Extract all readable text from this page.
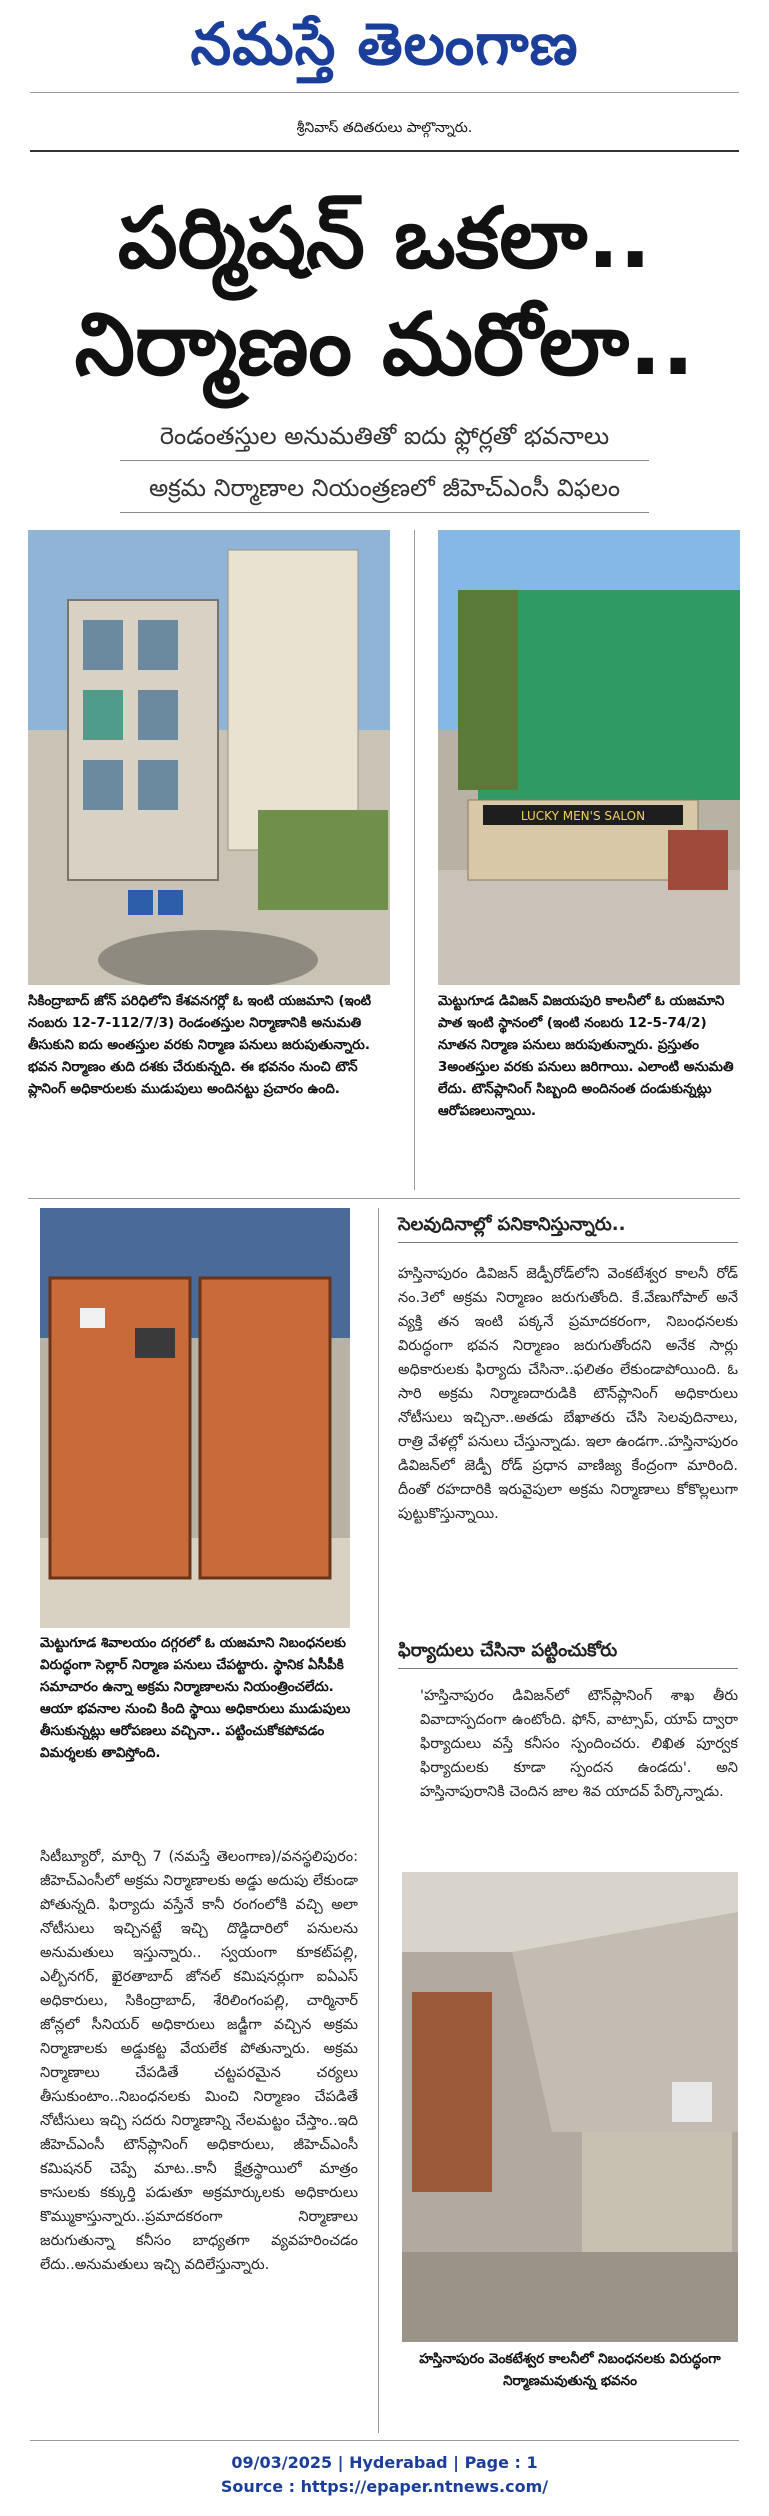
నమస్తే తెలంగాణ
శ్రీనివాస్ తదితరులు పాల్గొన్నారు.
పర్మిషన్ ఒకలా..
నిర్మాణం మరోలా..
రెండంతస్తుల అనుమతితో ఐదు ఫ్లోర్లతో భవనాలు
అక్రమ నిర్మాణాల నియంత్రణలో జీహెచ్ఎంసీ విఫలం
LUCKY MEN'S SALON
సికింద్రాబాద్ జోన్ పరిధిలోని కేశవనగర్లో ఓ ఇంటి యజమాని (ఇంటి నంబరు 12-7-112/7/3) రెండంతస్తుల నిర్మాణానికి అనుమతి తీసుకుని ఐదు అంతస్తుల వరకు నిర్మాణ పనులు జరుపుతున్నారు. భవన నిర్మాణం తుది దశకు చేరుకున్నది. ఈ భవనం నుంచి టౌన్ ప్లానింగ్ అధికారులకు ముడుపులు అందినట్టు ప్రచారం ఉంది.
మెట్టుగూడ డివిజన్ విజయపురి కాలనీలో ఓ యజమాని పాత ఇంటి స్థానంలో (ఇంటి నంబరు 12-5-74/2) నూతన నిర్మాణ పనులు జరుపుతున్నారు. ప్రస్తుతం 3అంతస్తుల వరకు పనులు జరిగాయి. ఎలాంటి అనుమతి లేదు. టౌన్‌ప్లానింగ్ సిబ్బంది అందినంత దండుకున్నట్లు ఆరోపణలున్నాయి.
మెట్టుగూడ శివాలయం దగ్గరలో ఓ యజమాని నిబంధనలకు విరుద్ధంగా సెల్లార్ నిర్మాణ పనులు చేపట్టారు. స్థానిక ఏసీపీకి సమాచారం ఉన్నా అక్రమ నిర్మాణాలను నియంత్రించలేదు. ఆయా భవనాల నుంచి కింది స్థాయి అధికారులు ముడుపులు తీసుకున్నట్లు ఆరోపణలు వచ్చినా.. పట్టించుకోకపోవడం విమర్శలకు తావిస్తోంది.
సెలవుదినాల్లో పనికానిస్తున్నారు..
హస్తినాపురం డివిజన్ జెడ్పీరోడ్‌లోని వెంకటేశ్వర కాలనీ రోడ్ నం.3లో అక్రమ నిర్మాణం జరుగుతోంది. కే.వేణుగోపాల్ అనే వ్యక్తి తన ఇంటి పక్కనే ప్రమాదకరంగా, నిబంధనలకు విరుద్ధంగా భవన నిర్మాణం జరుగుతోందని అనేక సార్లు అధికారులకు ఫిర్యాదు చేసినా..ఫలితం లేకుండాపోయింది. ఓ సారి అక్రమ నిర్మాణదారుడికి టౌన్‌ప్లానింగ్ అధికారులు నోటీసులు ఇచ్చినా..అతడు బేఖాతరు చేసి సెలవుదినాలు, రాత్రి వేళల్లో పనులు చేస్తున్నాడు. ఇలా ఉండగా..హస్తినాపురం డివిజన్‌లో జెడ్పీ రోడ్ ప్రధాన వాణిజ్య కేంద్రంగా మారింది. దీంతో రహదారికి ఇరువైపులా అక్రమ నిర్మాణాలు కోకొల్లలుగా పుట్టుకొస్తున్నాయి.
ఫిర్యాదులు చేసినా పట్టించుకోరు
'హస్తినాపురం డివిజన్‌లో టౌన్‌ప్లానింగ్ శాఖ తీరు వివాదాస్పదంగా ఉంటోంది. ఫోన్, వాట్సాప్, యాప్ ద్వారా ఫిర్యాదులు వస్తే కనీసం స్పందించరు. లిఖిత పూర్వక ఫిర్యాదులకు కూడా స్పందన ఉండదు'. అని హస్తినాపురానికి చెందిన జాల శివ యాదవ్ పేర్కొన్నాడు.
సిటీబ్యూరో, మార్చి 7 (నమస్తే తెలంగాణ)/వనస్థలిపురం: జీహెచ్ఎంసీలో అక్రమ నిర్మాణాలకు అడ్డు అదుపు లేకుండా పోతున్నది. ఫిర్యాదు వస్తేనే కానీ రంగంలోకి వచ్చి అలా నోటీసులు ఇచ్చినట్టే ఇచ్చి దొడ్డిదారిలో పనులను అనుమతులు ఇస్తున్నారు.. స్వయంగా కూకట్‌పల్లి, ఎల్బీనగర్, ఖైరతాబాద్ జోనల్ కమిషనర్లుగా ఐఏఎస్ అధికారులు, సికింద్రాబాద్, శేరిలింగంపల్లి, చార్మినార్ జోన్లలో సీనియర్ అధికారులు జడ్జీగా వచ్చిన అక్రమ నిర్మాణాలకు అడ్డుకట్ట వేయలేక పోతున్నారు. అక్రమ నిర్మాణాలు చేపడితే చట్టపరమైన చర్యలు తీసుకుంటాం..నిబంధనలకు మించి నిర్మాణం చేపడితే నోటీసులు ఇచ్చి సదరు నిర్మాణాన్ని నేలమట్టం చేస్తాం..ఇది జీహెచ్ఎంసీ టౌన్‌ప్లానింగ్ అధికారులు, జీహెచ్ఎంసీ కమిషనర్ చెప్పే మాట..కానీ క్షేత్రస్థాయిలో మాత్రం కాసులకు కక్కుర్తి పడుతూ అక్రమార్కులకు అధికారులు కొమ్ముకాస్తున్నారు..ప్రమాదకరంగా నిర్మాణాలు జరుగుతున్నా కనీసం బాధ్యతగా వ్యవహరించడం లేదు..అనుమతులు ఇచ్చి వదిలేస్తున్నారు.
హస్తినాపురం వెంకటేశ్వర కాలనీలో నిబంధనలకు విరుద్ధంగా నిర్మాణమవుతున్న భవనం
09/03/2025 | Hyderabad | Page : 1
Source : https://epaper.ntnews.com/
